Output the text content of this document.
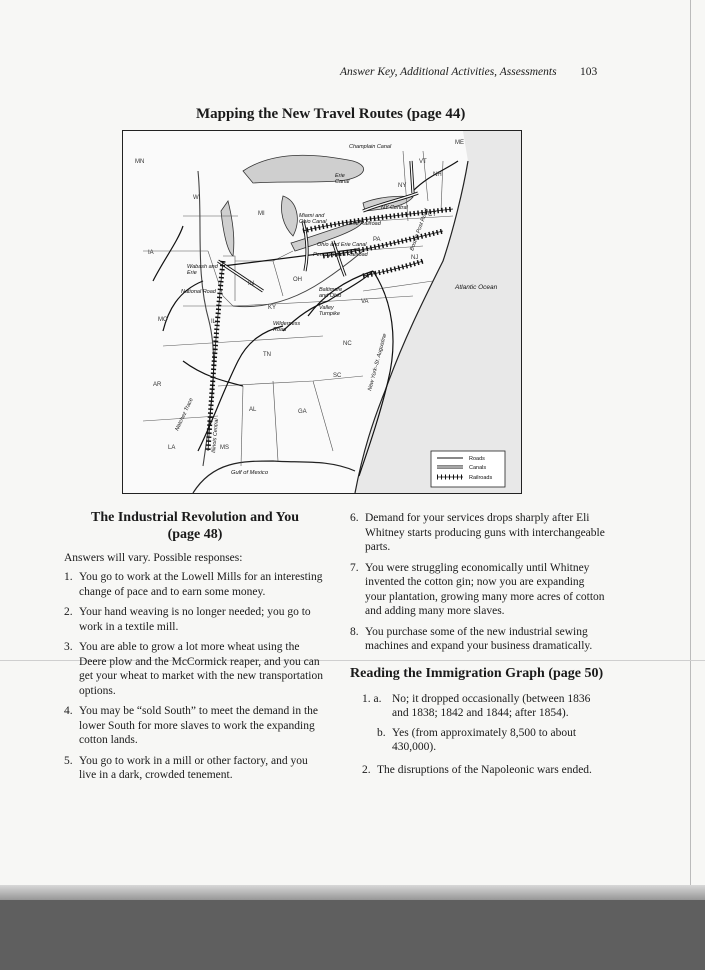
Answer Key, Additional Activities, Assessments 103
Mapping the New Travel Routes (page 44)
MN
WI
MI
IA
MO	IL
IN
OH
KY
TN
AR
MS
AL	GA
SC
NC
VA
PA
NY
VT
NH
ME
CT
NJ
LA
Champlain Canal
Erie Canal
NY Central
Erie Railroad
Miami and Ohio Canal
Ohio and Erie Canal
Pennsylvania Railroad
Wabash and Erie
National Road	Baltimore and Ohio
Valley Turnpike
Wilderness Road
Natchez Trace
Illinois Central
New York–St. Augustine
Boston Post Road
Atlantic Ocean
Gulf of Mexico
Roads
Canals
Railroads
The Industrial Revolution and You
(page 48)

Answers will vary. Possible responses:

1. You go to work at the Lowell Mills for an interesting change of pace and to earn some money.

2. Your hand weaving is no longer needed; you go to work in a textile mill.

3. You are able to grow a lot more wheat using the Deere plow and the McCormick reaper, and you can get your wheat to market with the new transportation options.

4. You may be “sold South” to meet the demand in the lower South for more slaves to work the expanding cotton lands.

5. You go to work in a mill or other factory, and you live in a dark, crowded tenement.

6. Demand for your services drops sharply after Eli Whitney starts producing guns with interchangeable parts.

7. You were struggling economically until Whitney invented the cotton gin; now you are expanding your plantation, growing many more acres of cotton and adding many more slaves.

8. You purchase some of the new industrial sewing machines and expand your business dramatically.

Reading the Immigration Graph (page 50)

1. a. No; it dropped occasionally (between 1836 and 1838; 1842 and 1844; after 1854).

b. Yes (from approximately 8,500 to about 430,000).

2. The disruptions of the Napoleonic wars ended.
